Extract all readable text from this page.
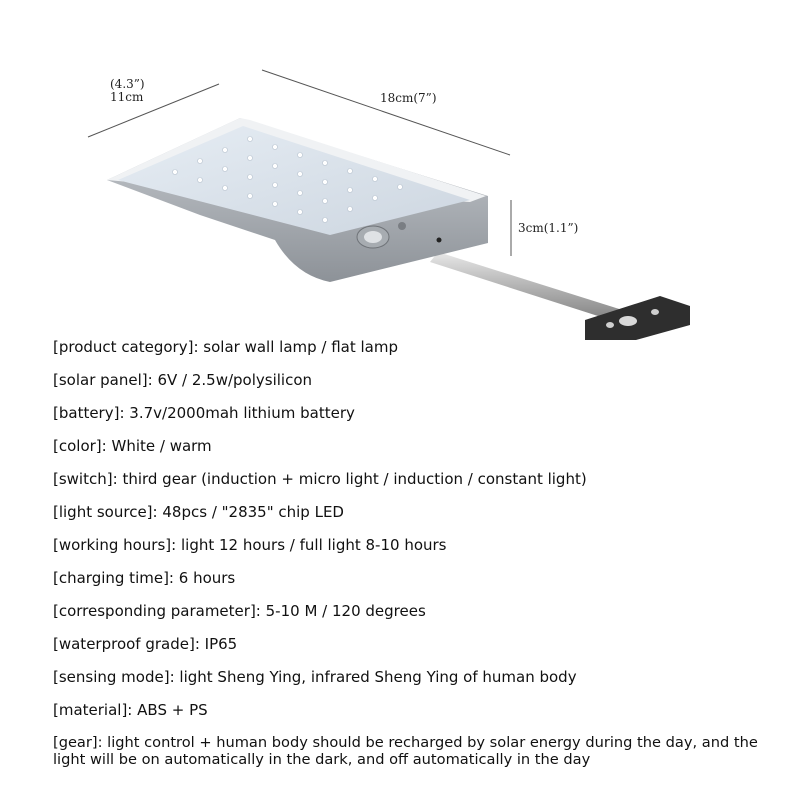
(4.3”)
11cm	18cm(7”)
3cm(1.1”)
[product category]: solar wall lamp / flat lamp
[solar panel]: 6V / 2.5w/polysilicon
[battery]: 3.7v/2000mah lithium battery
[color]: White / warm
[switch]: third gear (induction + micro light / induction / constant light)
[light source]: 48pcs / "2835" chip LED
[working hours]: light 12 hours / full light 8-10 hours
[charging time]: 6 hours
[corresponding parameter]: 5-10 M / 120 degrees
[waterproof grade]: IP65
[sensing mode]: light Sheng Ying, infrared Sheng Ying of human body
[material]: ABS + PS
[gear]: light control + human body should be recharged by solar energy during the day, and the light will be on automatically in the dark, and off automatically in the day
